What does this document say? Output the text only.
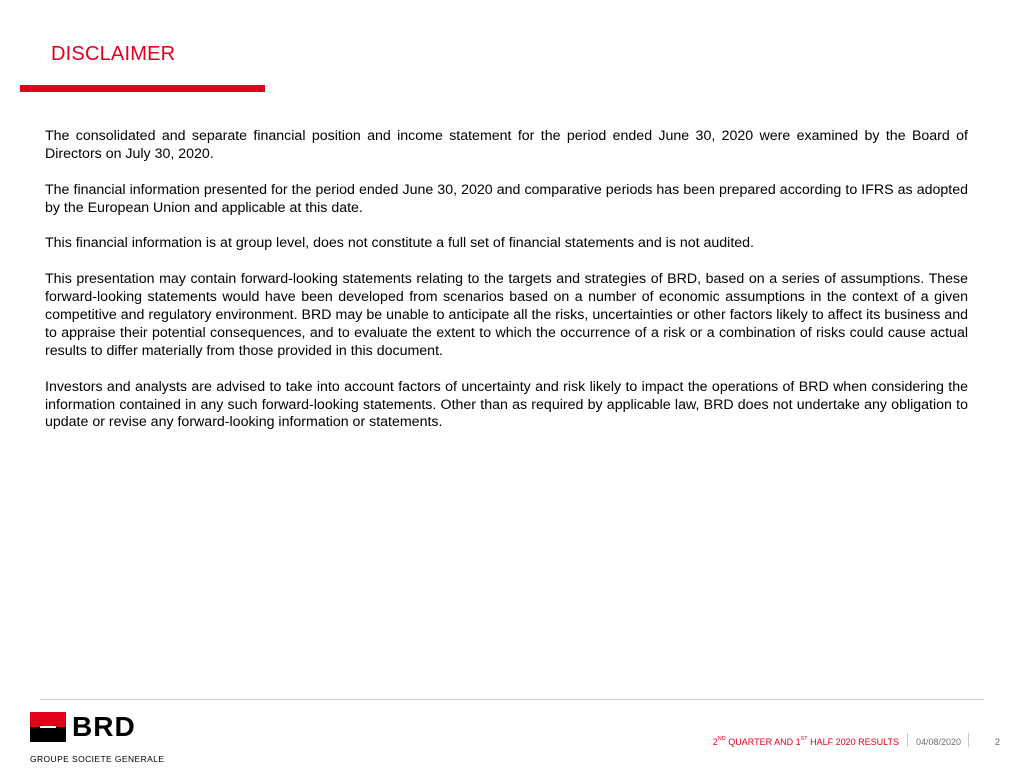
DISCLAIMER

The consolidated and separate financial position and income statement for the period ended June 30, 2020 were examined by the Board of Directors on July 30, 2020.

The financial information presented for the period ended June 30, 2020 and comparative periods has been prepared according to IFRS as adopted by the European Union and applicable at this date.

This financial information is at group level, does not constitute a full set of financial statements and is not audited.

This presentation may contain forward-looking statements relating to the targets and strategies of BRD, based on a series of assumptions. These forward-looking statements would have been developed from scenarios based on a number of economic assumptions in the context of a given competitive and regulatory environment. BRD may be unable to anticipate all the risks, uncertainties or other factors likely to affect its business and to appraise their potential consequences, and to evaluate the extent to which the occurrence of a risk or a combination of risks could cause actual results to differ materially from those provided in this document.

Investors and analysts are advised to take into account factors of uncertainty and risk likely to impact the operations of BRD when considering the information contained in any such forward-looking statements. Other than as required by applicable law, BRD does not undertake any obligation to update or revise any forward-looking information or statements.

BRD
GROUPE SOCIETE GENERALE
2ND QUARTER AND 1ST HALF 2020 RESULTS 04/08/2020	2
